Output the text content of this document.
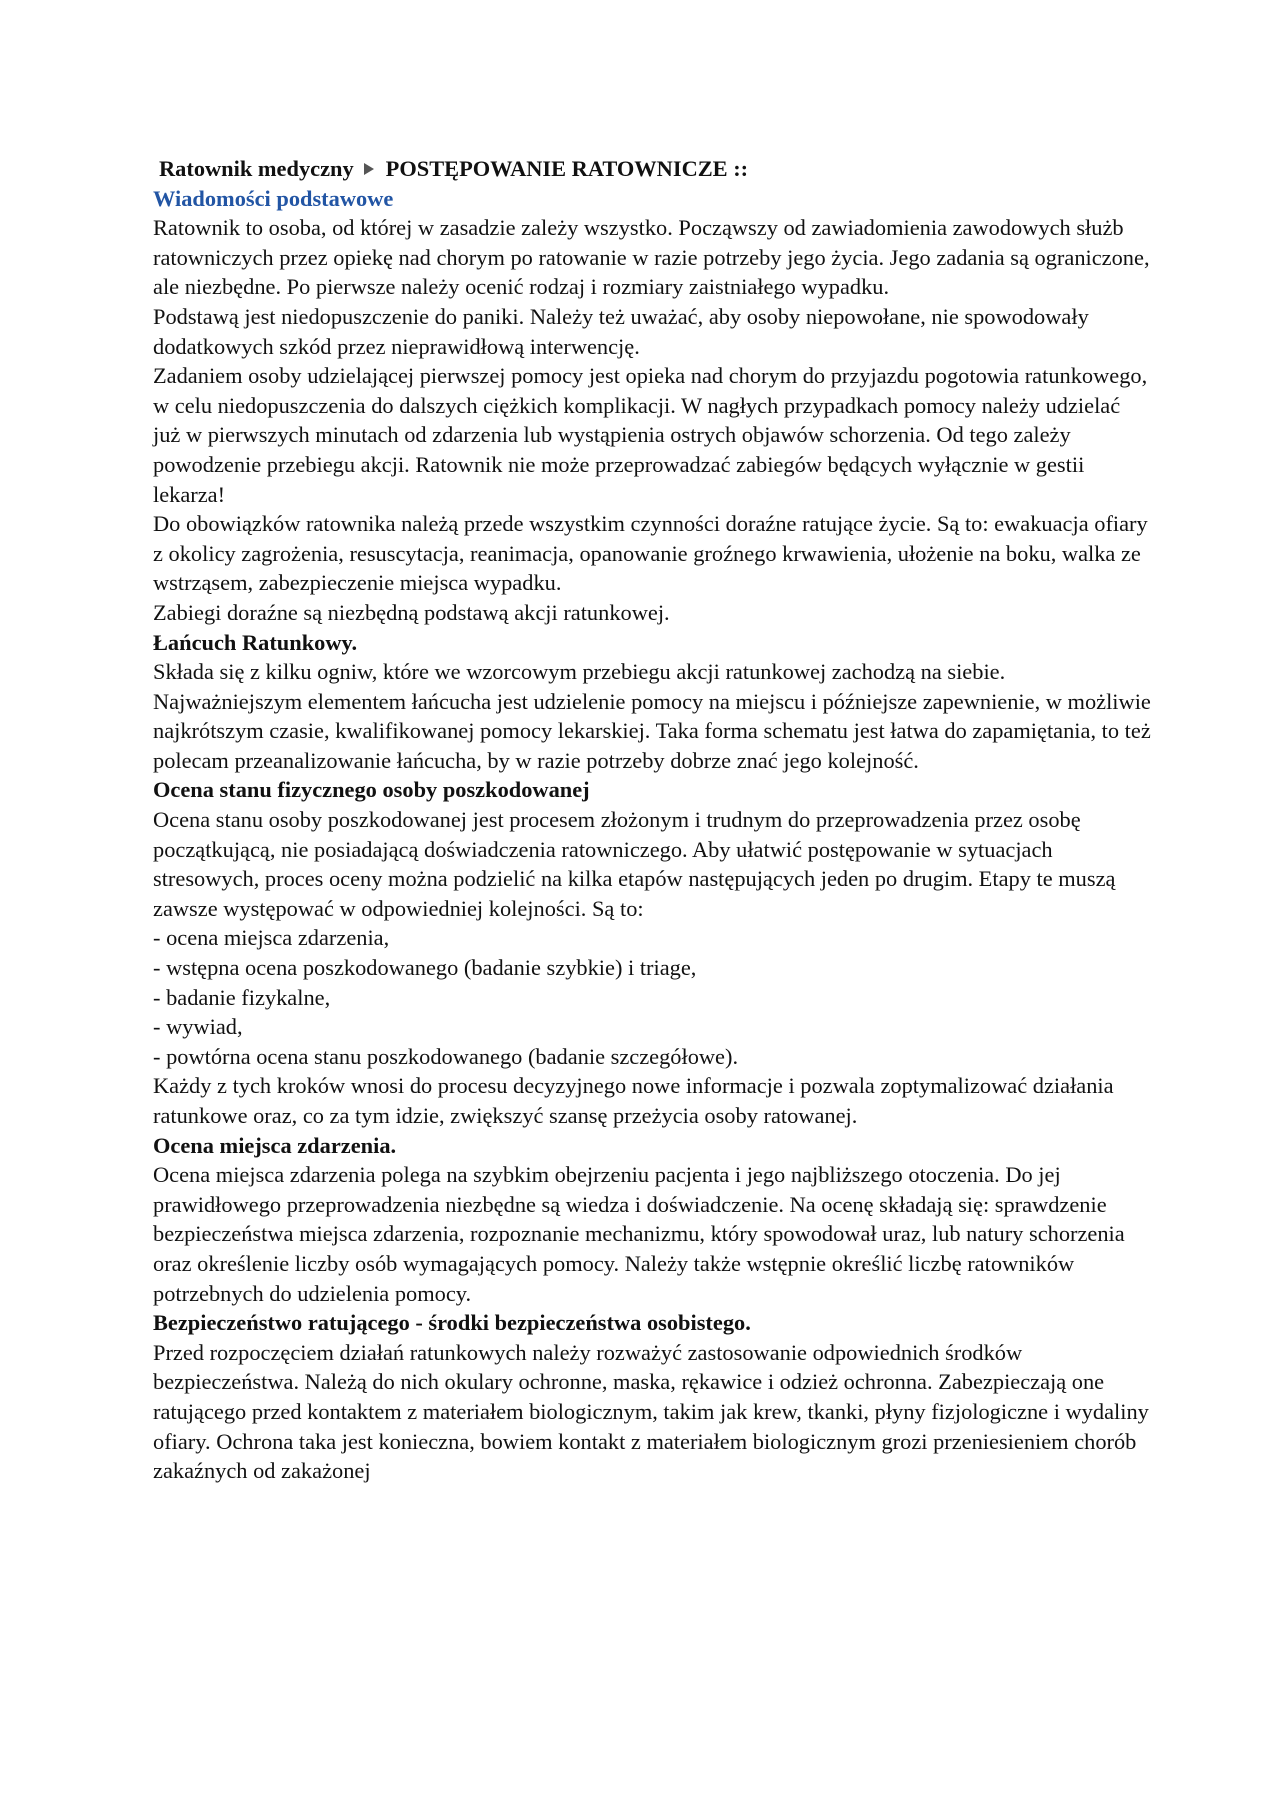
Ratownik medyczny POSTĘPOWANIE RATOWNICZE ::
Wiadomości podstawowe

Ratownik to osoba, od której w zasadzie zależy wszystko. Począwszy od zawiadomienia zawodowych służb ratowniczych przez opiekę nad chorym po ratowanie w razie potrzeby jego życia. Jego zadania są ograniczone, ale niezbędne. Po pierwsze należy ocenić rodzaj i rozmiary zaistniałego wypadku.

Podstawą jest niedopuszczenie do paniki. Należy też uważać, aby osoby niepowołane, nie spowodowały dodatkowych szkód przez nieprawidłową interwencję.

Zadaniem osoby udzielającej pierwszej pomocy jest opieka nad chorym do przyjazdu pogotowia ratunkowego, w celu niedopuszczenia do dalszych ciężkich komplikacji. W nagłych przypadkach pomocy należy udzielać już w pierwszych minutach od zdarzenia lub wystąpienia ostrych objawów schorzenia. Od tego zależy powodzenie przebiegu akcji. Ratownik nie może przeprowadzać zabiegów będących wyłącznie w gestii lekarza!

Do obowiązków ratownika należą przede wszystkim czynności doraźne ratujące życie. Są to: ewakuacja ofiary z okolicy zagrożenia, resuscytacja, reanimacja, opanowanie groźnego krwawienia, ułożenie na boku, walka ze wstrząsem, zabezpieczenie miejsca wypadku.

Zabiegi doraźne są niezbędną podstawą akcji ratunkowej.

Łańcuch Ratunkowy.

Składa się z kilku ogniw, które we wzorcowym przebiegu akcji ratunkowej zachodzą na siebie. Najważniejszym elementem łańcucha jest udzielenie pomocy na miejscu i późniejsze zapewnienie, w możliwie najkrótszym czasie, kwalifikowanej pomocy lekarskiej. Taka forma schematu jest łatwa do zapamiętania, to też polecam przeanalizowanie łańcucha, by w razie potrzeby dobrze znać jego kolejność.

Ocena stanu fizycznego osoby poszkodowanej

Ocena stanu osoby poszkodowanej jest procesem złożonym i trudnym do przeprowadzenia przez osobę początkującą, nie posiadającą doświadczenia ratowniczego. Aby ułatwić postępowanie w sytuacjach stresowych, proces oceny można podzielić na kilka etapów następujących jeden po drugim. Etapy te muszą zawsze występować w odpowiedniej kolejności. Są to:

- ocena miejsca zdarzenia,
- wstępna ocena poszkodowanego (badanie szybkie) i triage,
- badanie fizykalne,
- wywiad,
- powtórna ocena stanu poszkodowanego (badanie szczegółowe).

Każdy z tych kroków wnosi do procesu decyzyjnego nowe informacje i pozwala zoptymalizować działania ratunkowe oraz, co za tym idzie, zwiększyć szansę przeżycia osoby ratowanej.

Ocena miejsca zdarzenia.

Ocena miejsca zdarzenia polega na szybkim obejrzeniu pacjenta i jego najbliższego otoczenia. Do jej prawidłowego przeprowadzenia niezbędne są wiedza i doświadczenie. Na ocenę składają się: sprawdzenie bezpieczeństwa miejsca zdarzenia, rozpoznanie mechanizmu, który spowodował uraz, lub natury schorzenia oraz określenie liczby osób wymagających pomocy. Należy także wstępnie określić liczbę ratowników potrzebnych do udzielenia pomocy.

Bezpieczeństwo ratującego - środki bezpieczeństwa osobistego.

Przed rozpoczęciem działań ratunkowych należy rozważyć zastosowanie odpowiednich środków bezpieczeństwa. Należą do nich okulary ochronne, maska, rękawice i odzież ochronna. Zabezpieczają one ratującego przed kontaktem z materiałem biologicznym, takim jak krew, tkanki, płyny fizjologiczne i wydaliny ofiary. Ochrona taka jest konieczna, bowiem kontakt z materiałem biologicznym grozi przeniesieniem chorób zakaźnych od zakażonej
